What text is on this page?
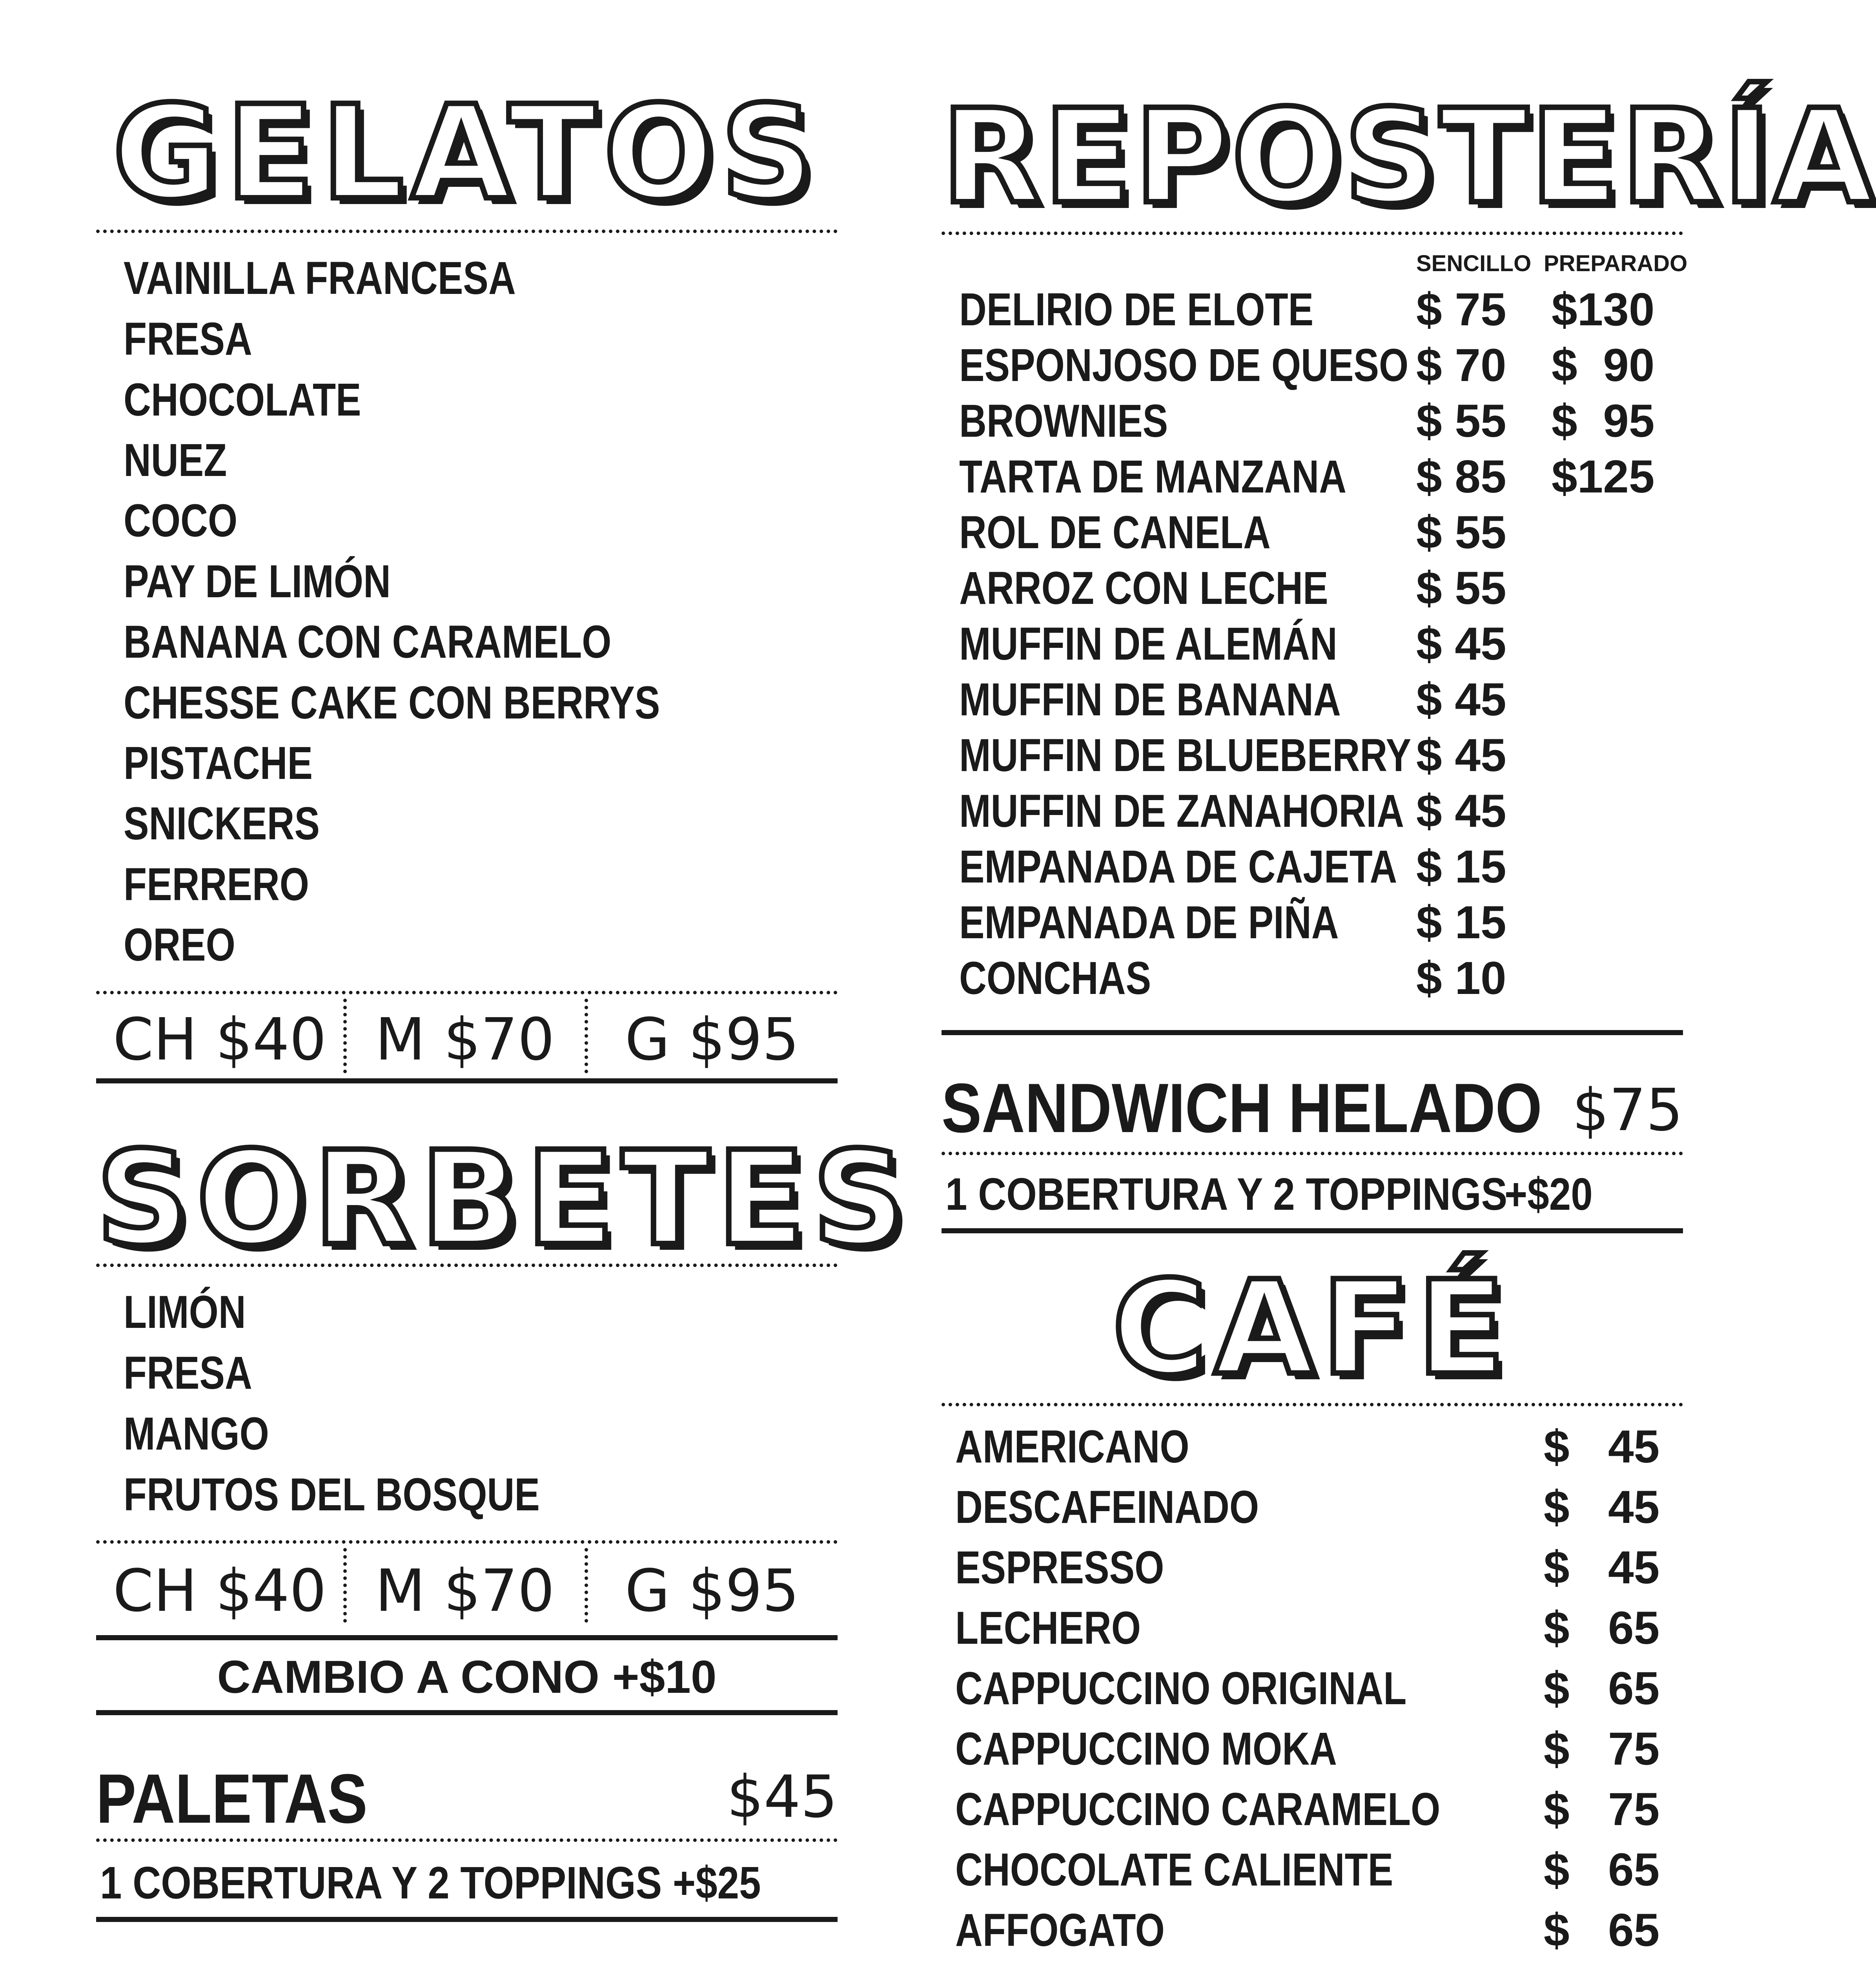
GELATOS
VAINILLA FRANCESA
FRESA
CHOCOLATE
NUEZ
COCO
PAY DE LIMÓN
BANANA CON CARAMELO
CHESSE CAKE CON BERRYS
PISTACHE
SNICKERS
FERRERO
OREO
CH $40 M $70	G $95
SORBETES
LIMÓN
FRESA
MANGO
FRUTOS DEL BOSQUE
CH $40 M $70	G $95
CAMBIO A CONO +$10
PALETAS	$45
1 COBERTURA Y 2 TOPPINGS +$25
REPOSTERÍA
SENCILLO PREPARADO
DELIRIO DE ELOTE $ 75 $130
ESPONJOSO DE QUESO $ 70 $  90
BROWNIES	$ 55 $  95
TARTA DE MANZANA $ 85 $125
ROL DE CANELA	$ 55
ARROZ CON LECHE $ 55
MUFFIN DE ALEMÁN $ 45
MUFFIN DE BANANA $ 45
MUFFIN DE BLUEBERRY $ 45
MUFFIN DE ZANAHORIA $ 45
EMPANADA DE CAJETA $ 15
EMPANADA DE PIÑA $ 15
CONCHAS	$ 10
SANDWICH HELADO $75
1 COBERTURA Y 2 TOPPINGS
+$20
CAFÉ
AMERICANO	$   45
DESCAFEINADO	$   45
ESPRESSO	$   45
LECHERO	$   65
CAPPUCCINO ORIGINAL	$   65
CAPPUCCINO MOKA	$   75
CAPPUCCINO CARAMELO $   75
CHOCOLATE CALIENTE	$   65
AFFOGATO	$   65
